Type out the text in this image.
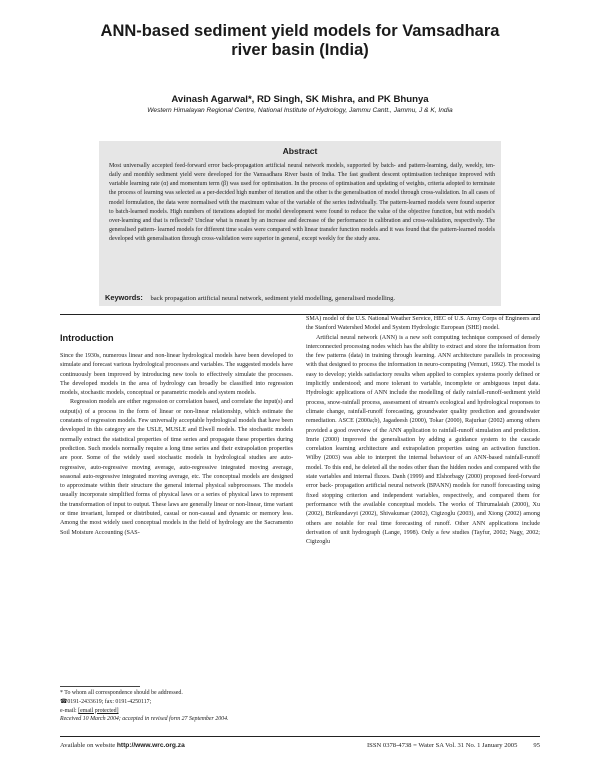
ANN-based sediment yield models for Vamsadhara
river basin (India)
Avinash Agarwal*, RD Singh, SK Mishra, and PK Bhunya
Western Himalayan Regional Centre, National Institute of Hydrology, Jammu Cantt., Jammu, J & K, India
Abstract

Most universally accepted feed-forward error back-propagation artificial neural network models, supported by batch- and pattern-learning, daily, weekly, ten-daily and monthly sediment yield were developed for the Vamsadhara River basin of India. The fast gradient descent optimisation technique improved with variable learning rate (α) and momentum term (β) was used for optimisation. In the process of optimisation and updating of weights, criteria adopted to terminate the process of learning was selected as a per-decided high number of iteration and the other is the generalisation of model through cross-validation. In all cases of model formulation, the data were normalised with the maximum value of the variable of the series individually. The pattern-learned models were found superior to batch-learned models. High numbers of iterations adopted for model development were found to reduce the value of the objective function, but with model's over-learning and that is reflected? Unclear what is meant by an increase and decrease of the performance in calibration and cross-validation, respectively. The generalised pattern- learned models for different time scales were compared with linear transfer function models and it was found that the pattern-learned models developed with generalisation through cross-validation were superior in general, except weekly for the study area.

Keywords: back propagation artificial neural network, sediment yield modelling, generalised modelling.
Introduction

Since the 1930s, numerous linear and non-linear hydrological models have been developed to simulate and forecast various hydrological processes and variables. The suggested models have continuously been improved by introducing new tools to effectively simulate the processes. The developed models in the area of hydrology can broadly be classified into regression models, stochastic models, conceptual or parametric models and system models.

Regression models are either regression or correlation based, and correlate the input(s) and output(s) of a process in the form of linear or non-linear relationship, which estimate the constants of regression models. Few universally acceptable hydrological models that have been developed in this category are the USLE, MUSLE and Elwell models. The stochastic models normally extract the statistical properties of time series and propagate these properties during prediction. Such models normally require a long time series and their extrapolation properties are poor. Some of the widely used stochastic models in hydrological studies are auto-regressive, auto-regressive moving average, auto-regressive integrated moving average, seasonal auto-regressive integrated moving average, etc. The conceptual models are designed to approximate within their structure the general internal physical subprocesses. The models usually incorporate simplified forms of physical laws or a series of physical laws to represent the transformation of input to output. These laws are generally linear or non-linear, time variant or time invariant, lumped or distributed, casual or non-casual and dynamic or memory less. Among the most widely used conceptual models in the field of hydrology are the Sacramento Soil Moisture Accounting (SAS-

SMA) model of the U.S. National Weather Service, HEC of U.S. Army Corps of Engineers and the Stanford Watershed Model and System Hydrologic European (SHE) model.

Artificial neural network (ANN) is a new soft computing technique composed of densely interconnected processing nodes which has the ability to extract and store the information from the few patterns (data) in training through learning. ANN architecture parallels in processing with that designed to process the information in neuro-computing (Vemuri, 1992). The model is easy to develop; yields satisfactory results when applied to complex systems poorly defined or implicitly understood; and more tolerant to variable, incomplete or ambiguous input data. Hydrologic applications of ANN include the modelling of daily rainfall-runoff-sediment yield process, snow-rainfall process, assessment of stream's ecological and hydrological responses to climate change, rainfall-runoff forecasting, groundwater quality prediction and groundwater remediation. ASCE (2000a;b), Jagadeesh (2000), Tokar (2000), Rajurkar (2002) among others provided a good overview of the ANN application to rainfall-runoff simulation and prediction. Imrie (2000) improved the generalisation by adding a guidance system to the cascade correlation learning architecture and extrapolation properties using an activation function. Wilby (2003) was able to interpret the internal behaviour of an ANN-based rainfall-runoff model. To this end, he deleted all the nodes other than the hidden nodes and compared with the state variables and internal fluxes. Danh (1999) and Elshorbagy (2000) proposed feed-forward error back- propagation artificial neural network (BPANN) models for runoff forecasting using fixed stopping criterion and independent variables, respectively, and compared them for performance with the available conceptual models. The works of Thirumalaiah (2000), Xu (2002), Birikundavyi (2002), Shivakumar (2002), Cigizoglu (2003), and Xiong (2002) among others are notable for real time forecasting of runoff. Other ANN applications include derivation of unit hydrograph (Lange, 1998). Only a few studies (Tayfur, 2002; Nagy, 2002; Cigizoglu

* To whom all correspondence should be addressed.
☎0191-2433619; fax: 0191-4250117;
e-mail: [email protected]
Received 10 March 2004; accepted in revised form 27 September 2004.
Available on website http://www.wrc.org.za	ISSN 0378-4738 = Water SA Vol. 31 No. 1 January 2005 95
